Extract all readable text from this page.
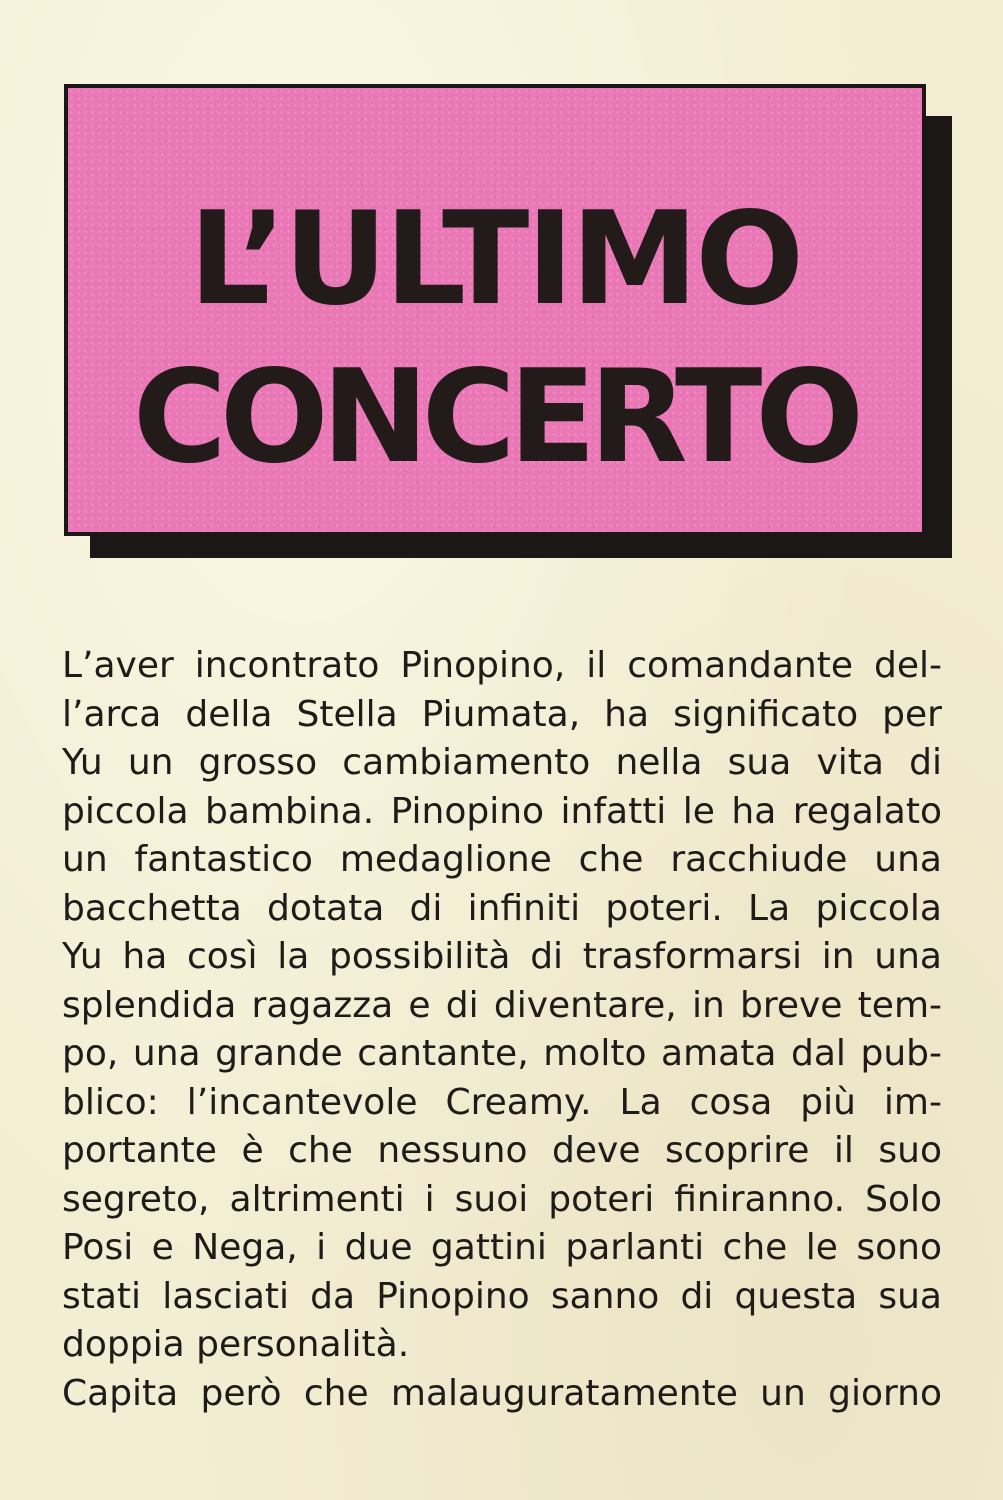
L’ULTIMO
CONCERTO
L’aver incontrato Pinopino, il comandante del-
l’arca della Stella Piumata, ha significato per
Yu un grosso cambiamento nella sua vita di
piccola bambina. Pinopino infatti le ha regalato
un fantastico medaglione che racchiude una
bacchetta dotata di infiniti poteri. La piccola
Yu ha così la possibilità di trasformarsi in una
splendida ragazza e di diventare, in breve tem-
po, una grande cantante, molto amata dal pub-
blico: l’incantevole Creamy. La cosa più im-
portante è che nessuno deve scoprire il suo
segreto, altrimenti i suoi poteri finiranno. Solo
Posi e Nega, i due gattini parlanti che le sono
stati lasciati da Pinopino sanno di questa sua
doppia personalità.
Capita però che malauguratamente un giorno
